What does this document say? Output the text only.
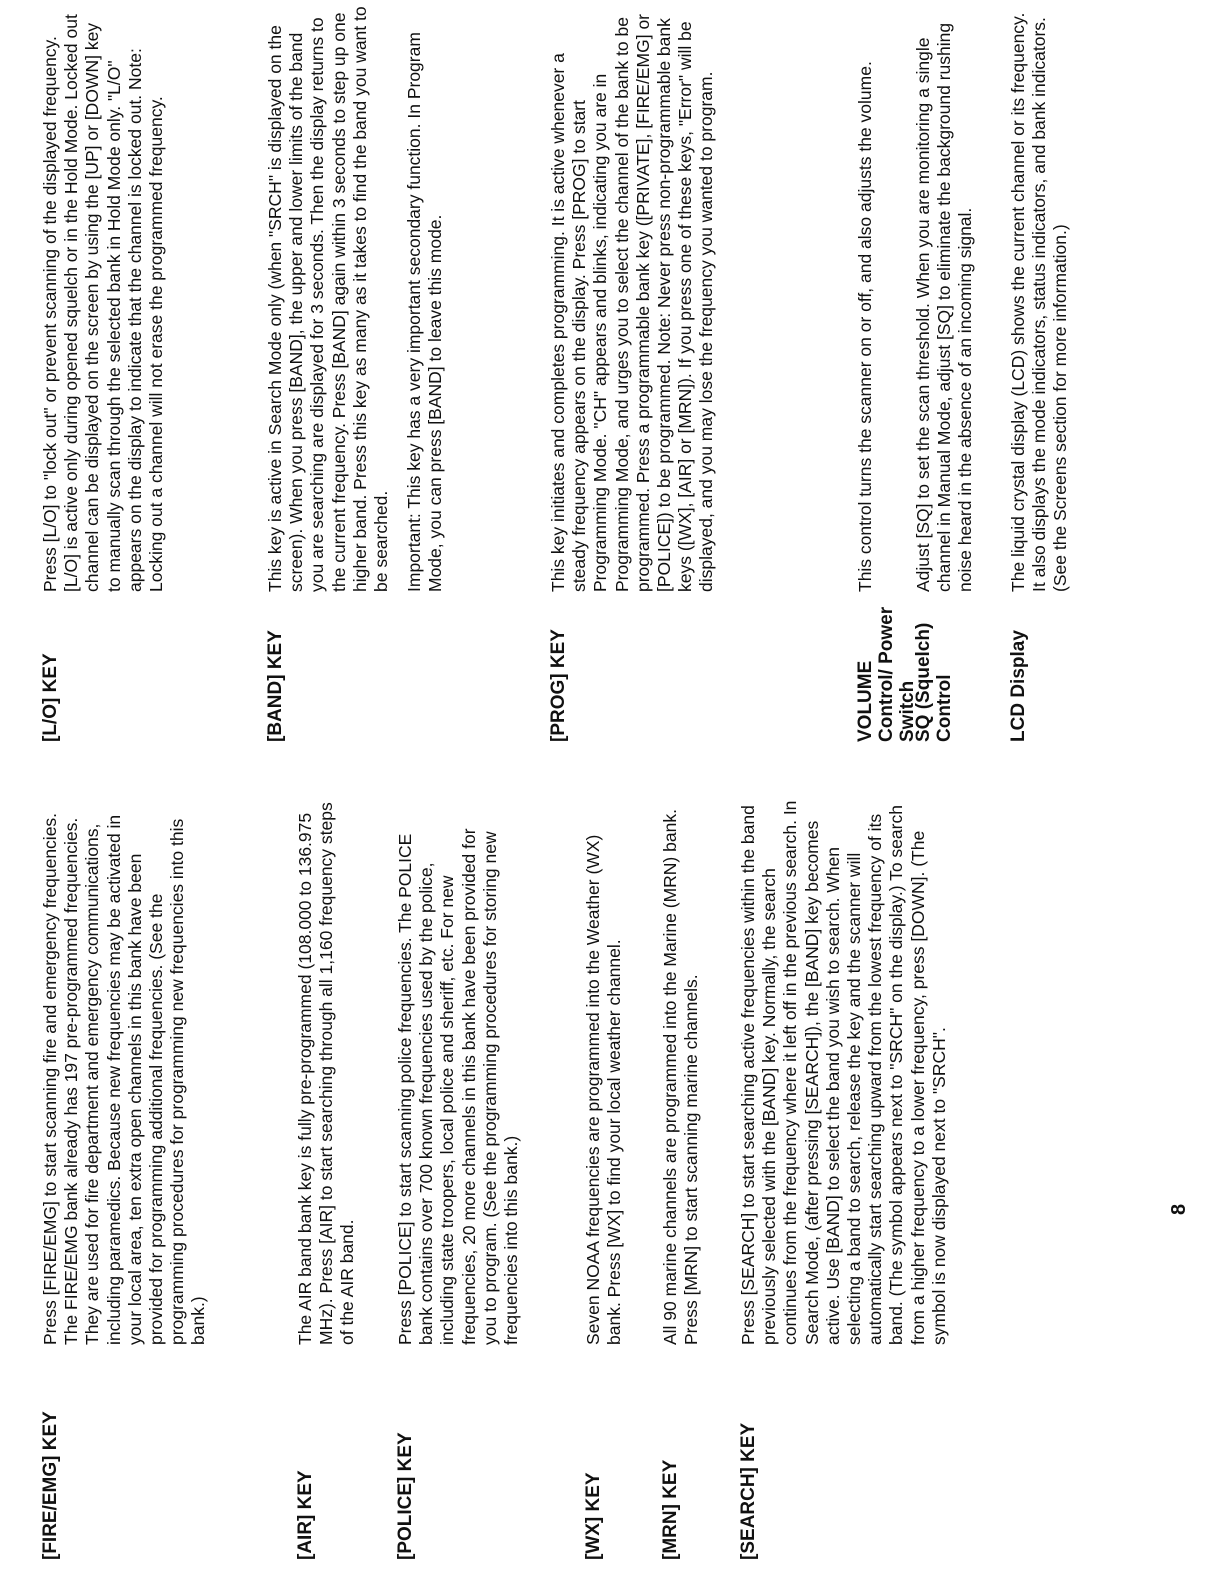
[FIRE/EMG] KEY

Press [FIRE/EMG] to start scanning fire and emergency frequencies. The FIRE/EMG bank already has 197 pre-programmed frequencies. They are used for fire department and emergency communications, including paramedics. Because new frequencies may be activated in your local area, ten extra open channels in this bank have been provided for programming additional frequencies. (See the programming procedures for programming new frequencies into this bank.)

[AIR] KEY

The AIR band bank key is fully pre-programmed (108.000 to 136.975 MHz). Press [AIR] to start searching through all 1,160 frequency steps of the AIR band.

[POLICE] KEY

Press [POLICE] to start scanning police frequencies. The POLICE bank contains over 700 known frequencies used by the police, including state troopers, local police and sheriff, etc. For new frequencies, 20 more channels in this bank have been provided for you to program. (See the programming procedures for storing new frequencies into this bank.)

[WX] KEY

Seven NOAA frequencies are programmed into the Weather (WX) bank. Press [WX] to find your local weather channel.

[MRN] KEY

All 90 marine channels are programmed into the Marine (MRN) bank. Press [MRN] to start scanning marine channels.

[SEARCH] KEY

Press [SEARCH] to start searching active frequencies within the band previously selected with the [BAND] key. Normally, the search continues from the frequency where it left off in the previous search. In Search Mode, (after pressing [SEARCH]), the [BAND] key becomes active. Use [BAND] to select the band you wish to search. When selecting a band to search, release the key and the scanner will automatically start searching upward from the lowest frequency of its band. (The symbol appears next to "SRCH" on the display.) To search from a higher frequency to a lower frequency, press [DOWN]. (The symbol is now displayed next to "SRCH".	8
[L/O] KEY

Press [L/O] to "lock out" or prevent scanning of the displayed frequency. [L/O] is active only during opened squelch or in the Hold Mode. Locked out channel can be displayed on the screen by using the [UP] or [DOWN] key to manually scan through the selected bank in Hold Mode only. "L/O" appears on the display to indicate that the channel is locked out. Note: Locking out a channel will not erase the programmed frequency.

[BAND] KEY

This key is active in Search Mode only (when "SRCH" is displayed on the screen). When you press [BAND], the upper and lower limits of the band you are searching are displayed for 3 seconds. Then the display returns to the current frequency. Press [BAND] again within 3 seconds to step up one higher band. Press this key as many as it takes to find the band you want to be searched. Important: This key has a very important secondary function. In Program Mode, you can press [BAND] to leave this mode.

[PROG] KEY

This key initiates and completes programming. It is active whenever a steady frequency appears on the display. Press [PROG] to start Programming Mode. "CH" appears and blinks, indicating you are in Programming Mode, and urges you to select the channel of the bank to be programmed. Press a programmable bank key ([PRIVATE], [FIRE/EMG] or [POLICE]) to be programmed. Note: Never press non-programmable bank keys ([WX], [AIR] or [MRN]). If you press one of these keys, "Error" will be displayed, and you may lose the frequency you wanted to program.

VOLUME Control/ Power Switch

This control turns the scanner on or off, and also adjusts the volume.

SQ (Squelch) Control

Adjust [SQ] to set the scan threshold. When you are monitoring a single channel in Manual Mode, adjust [SQ] to eliminate the background rushing noise heard in the absence of an incoming signal.

LCD Display

The liquid crystal display (LCD) shows the current channel or its frequency. It also displays the mode indicators, status indicators, and bank indicators. (See the Screens section for more information.)
